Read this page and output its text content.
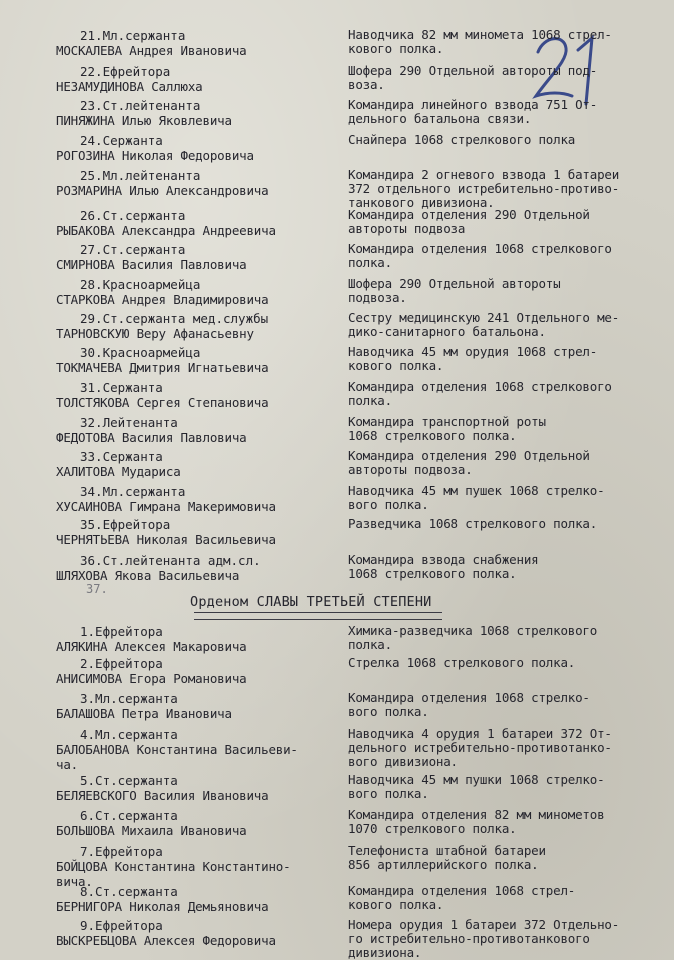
21.Мл.сержанта
МОСКАЛЕВА Андрея Ивановича
Наводчика 82 мм миномета 1068 стрел-
кового полка.
22.Ефрейтора
НЕЗАМУДИНОВА Саллюха
Шофера 290 Отдельной автороты под-
воза.
23.Ст.лейтенанта
ПИНЯЖИНА Илью Яковлевича
Командира линейного взвода 751 От-
дельного батальона связи.
24.Сержанта
РОГОЗИНА Николая Федоровича
Снайпера 1068 стрелкового полка
25.Мл.лейтенанта
РОЗМАРИНА Илью Александровича
Командира 2 огневого взвода 1 батареи
372 отдельного истребительно-противо-
танкового дивизиона.
26.Ст.сержанта
РЫБАКОВА Александра Андреевича
Командира отделения 290 Отдельной
автороты подвоза
27.Ст.сержанта
СМИРНОВА Василия Павловича
Командира отделения 1068 стрелкового
полка.
28.Красноармейца
СТАРКОВА Андрея Владимировича
Шофера 290 Отдельной автороты
подвоза.
29.Ст.сержанта мед.службы
ТАРНОВСКУЮ Веру Афанасьевну
Сестру медицинскую 241 Отдельного ме-
дико-санитарного батальона.
30.Красноармейца
ТОКМАЧЕВА Дмитрия Игнатьевича
Наводчика 45 мм орудия 1068 стрел-
кового полка.
31.Сержанта
ТОЛСТЯКОВА Сергея Степановича
Командира отделения 1068 стрелкового
полка.
32.Лейтенанта
ФЕДОТОВА Василия Павловича
Командира транспортной роты
1068 стрелкового полка.
33.Сержанта
ХАЛИТОВА Мудариса
Командира отделения 290 Отдельной
автороты подвоза.
34.Мл.сержанта
ХУСАИНОВА Гимрана Макеримовича
Наводчика 45 мм пушек 1068 стрелко-
вого полка.
35.Ефрейтора
ЧЕРНЯТЬЕВА Николая Васильевича
Разведчика 1068 стрелкового полка.
36.Ст.лейтенанта адм.сл.
ШЛЯХОВА Якова Васильевича
Командира взвода снабжения
1068 стрелкового полка.
37.
Орденом СЛАВЫ ТРЕТЬЕЙ СТЕПЕНИ
1.Ефрейтора
АЛЯКИНА Алексея Макаровича
Химика-разведчика 1068 стрелкового
полка.
2.Ефрейтора
АНИСИМОВА Егора Романовича
Стрелка 1068 стрелкового полка.
3.Мл.сержанта
БАЛАШОВА Петра Ивановича
Командира отделения 1068 стрелко-
вого полка.
4.Мл.сержанта
БАЛОБАНОВА Константина Васильеви-
ча.
Наводчика 4 орудия 1 батареи 372 От-
дельного истребительно-противотанко-
вого дивизиона.
5.Ст.сержанта
БЕЛЯЕВСКОГО Василия Ивановича
Наводчика 45 мм пушки 1068 стрелко-
вого полка.
6.Ст.сержанта
БОЛЬШОВА Михаила Ивановича
Командира отделения 82 мм минометов
1070 стрелкового полка.
7.Ефрейтора
БОЙЦОВА Константина Константино-
вича.
Телефониста штабной батареи
856 артиллерийского полка.
8.Ст.сержанта
БЕРНИГОРА Николая Демьяновича
Командира отделения 1068 стрел-
кового полка.
9.Ефрейтора
ВЫСКРЕБЦОВА Алексея Федоровича
Номера орудия 1 батареи 372 Отдельно-
го истребительно-противотанкового
дивизиона.
